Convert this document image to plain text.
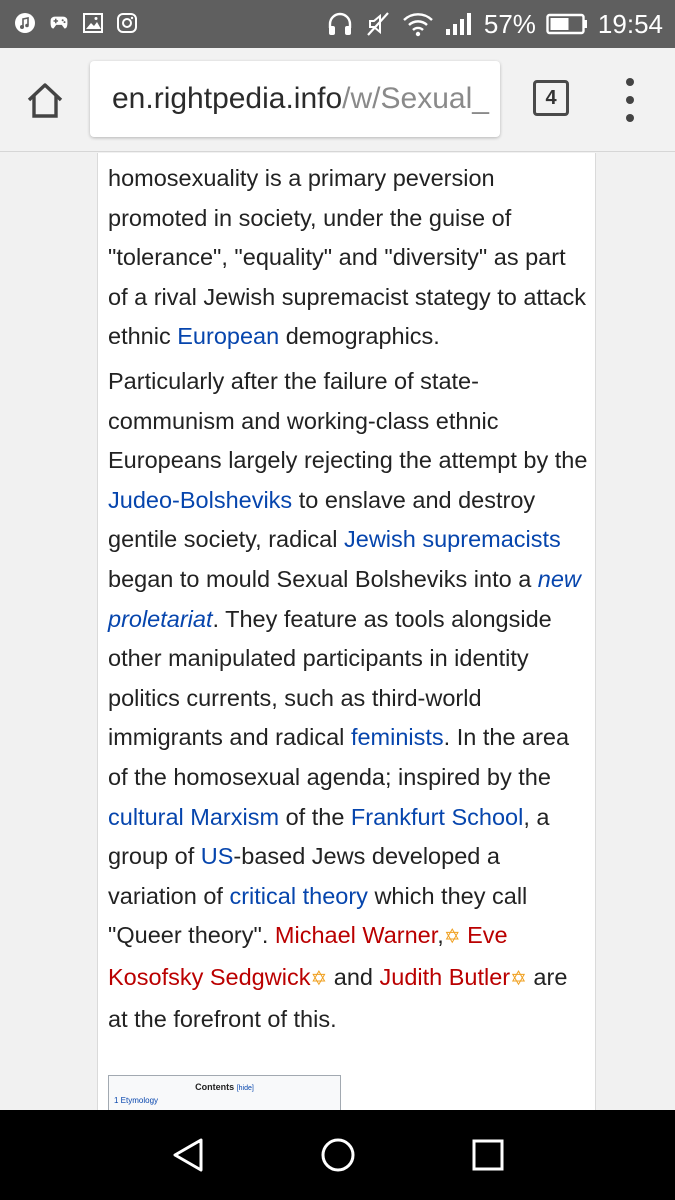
57% 19:54
en.rightpedia.info/w/Sexual_	4
homosexuality is a primary peversion promoted in society, under the guise of "tolerance", "equality" and "diversity" as part of a rival Jewish supremacist stategy to attack ethnic European demographics.
Particularly after the failure of state-communism and working-class ethnic Europeans largely rejecting the attempt by the Judeo-Bolsheviks to enslave and destroy gentile society, radical Jewish supremacists began to mould Sexual Bolsheviks into a new proletariat. They feature as tools alongside other manipulated participants in identity politics currents, such as third-world immigrants and radical feminists. In the area of the homosexual agenda; inspired by the cultural Marxism of the Frankfurt School, a group of US-based Jews developed a variation of critical theory which they call "Queer theory". Michael Warner,✡ Eve Kosofsky Sedgwick✡ and Judith Butler✡ are at the forefront of this.
Contents [hide]
1 Etymology
